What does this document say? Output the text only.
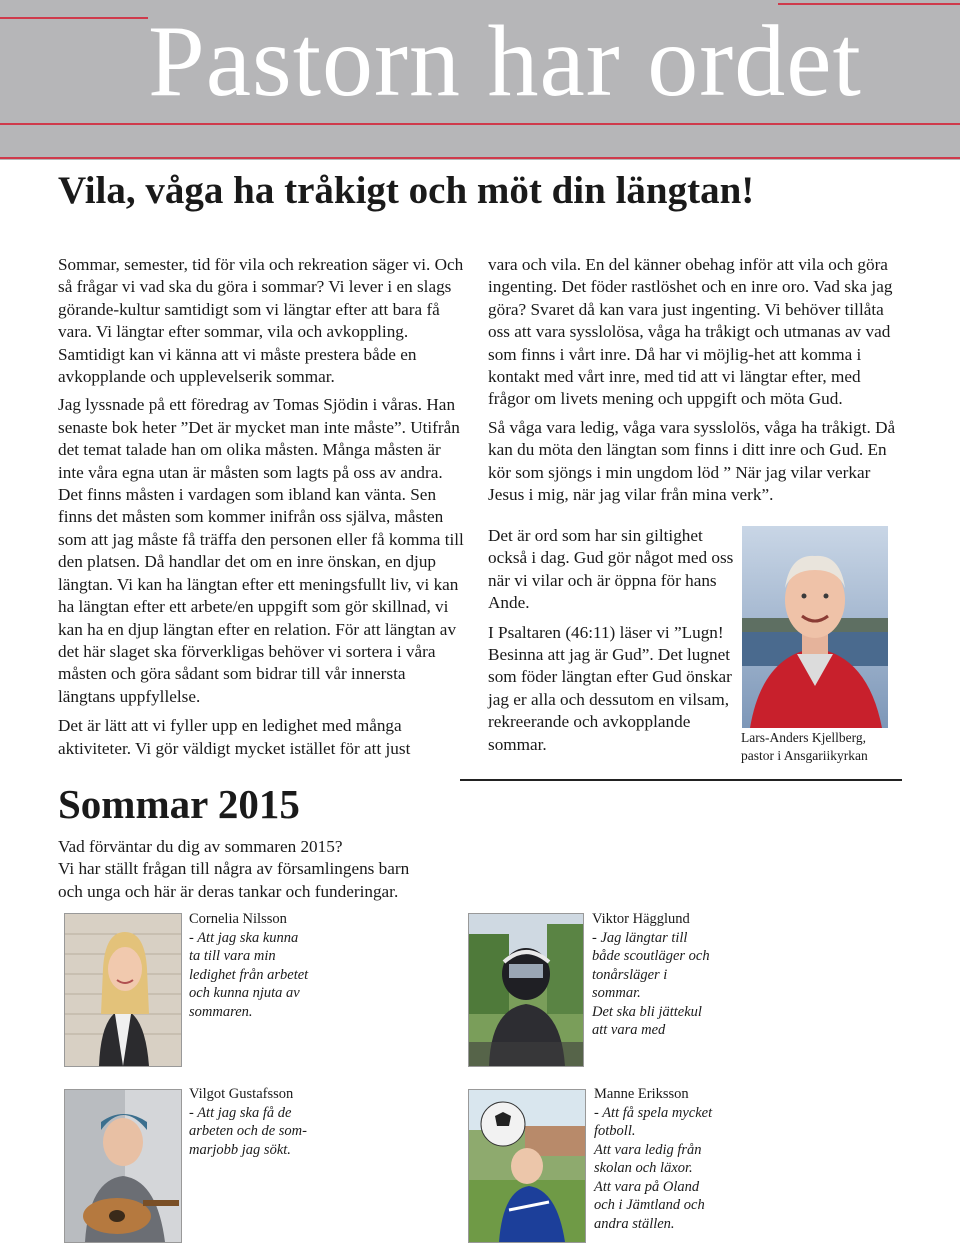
Pastorn har ordet
Vila, våga ha tråkigt och möt din längtan!

Sommar, semester, tid för vila och rekreation säger vi. Och så frågar vi vad ska du göra i sommar? Vi lever i en slags görande-kultur samtidigt som vi längtar efter att bara få vara. Vi längtar efter sommar, vila och avkoppling. Samtidigt kan vi känna att vi måste prestera både en avkopplande och upplevelserik sommar.

Jag lyssnade på ett föredrag av Tomas Sjödin i våras. Han senaste bok heter ”Det är mycket man inte måste”. Utifrån det temat talade han om olika måsten. Många måsten är inte våra egna utan är måsten som lagts på oss av andra. Det finns måsten i vardagen som ibland kan vänta. Sen finns det måsten som kommer inifrån oss själva, måsten som att jag måste få träffa den personen eller få komma till den platsen. Då handlar det om en inre önskan, en djup längtan. Vi kan ha längtan efter ett meningsfullt liv, vi kan ha längtan efter ett arbete/en uppgift som gör skillnad, vi kan ha en djup längtan efter en relation. För att längtan av det här slaget ska förverkligas behöver vi sortera i våra måsten och göra sådant som bidrar till vår innersta längtans uppfyllelse.

Det är lätt att vi fyller upp en ledighet med många aktiviteter. Vi gör väldigt mycket istället för att just

vara och vila. En del känner obehag inför att vila och göra ingenting. Det föder rastlöshet och en inre oro. Vad ska jag göra? Svaret då kan vara just ingenting. Vi behöver tillåta oss att vara sysslolösa, våga ha tråkigt och utmanas av vad som finns i vårt inre. Då har vi möjlig-het att komma i kontakt med vårt inre, med tid att vi längtar efter, med frågor om livets mening och uppgift och möta Gud.

Så våga vara ledig, våga vara sysslolös, våga ha tråkigt. Då kan du möta den längtan som finns i ditt inre och Gud. En kör som sjöngs i min ungdom löd ” När jag vilar verkar Jesus i mig, när jag vilar från mina verk”.

Det är ord som har sin giltighet också i dag. Gud gör något med oss när vi vilar och är öppna för hans Ande.

I Psaltaren (46:11) läser vi ”Lugn! Besinna att jag är Gud”. Det lugnet som föder längtan efter Gud önskar jag er alla och dessutom en vilsam, rekreerande och avkopplande sommar.	Lars-Anders Kjellberg,
pastor i Ansgariikyrkan
Sommar 2015
Vad förväntar du dig av sommaren 2015?
Vi har ställt frågan till några av församlingens barn
och unga och här är deras tankar och funderingar.
Cornelia Nilsson
- Att jag ska kunna
ta till vara min
ledighet från arbetet
och kunna njuta av
sommaren.
Viktor Hägglund
- Jag längtar till
både scoutläger och
tonårsläger i
sommar.
Det ska bli jättekul
att vara med
Vilgot Gustafsson
- Att jag ska få de
arbeten och de som-
marjobb jag sökt.
Manne Eriksson
- Att få spela mycket
fotboll.
Att vara ledig från
skolan och läxor.
Att vara på Oland
och i Jämtland och
andra ställen.
